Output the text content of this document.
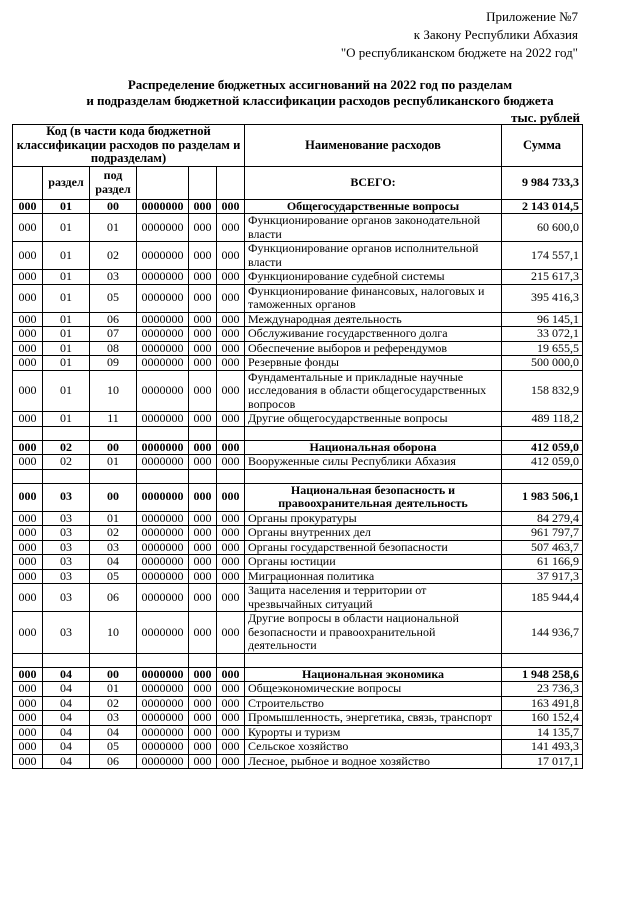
Приложение №7
к Закону Республики Абхазия
"О республиканском бюджете на 2022 год"
Распределение бюджетных ассигнований на 2022 год по разделам
и подразделам бюджетной классификации расходов республиканского бюджета
тыс. рублей
Код (в части кода бюджетной классификации расходов по разделам и подразделам)						Наименование расходов	Сумма
	раздел	под раздел				ВСЕГО:	9 984 733,3
000	01	00	0000000	000	000	Общегосударственные вопросы	2 143 014,5
000	01	01	0000000	000	000	Функционирование органов законодательной власти	60 600,0
000	01	02	0000000	000	000	Функционирование органов исполнительной власти	174 557,1
000	01	03	0000000	000	000	Функционирование судебной системы	215 617,3
000	01	05	0000000	000	000	Функционирование финансовых, налоговых и таможенных органов	395 416,3
000	01	06	0000000	000	000	Международная деятельность	96 145,1
000	01	07	0000000	000	000	Обслуживание государственного долга	33 072,1
000	01	08	0000000	000	000	Обеспечение выборов и референдумов	19 655,5
000	01	09	0000000	000	000	Резервные фонды	500 000,0
000	01	10	0000000	000	000	Фундаментальные и прикладные научные исследования в области общегосударственных вопросов	158 832,9
000	01	11	0000000	000	000	Другие общегосударственные вопросы	489 118,2

000	02	00	0000000	000	000	Национальная оборона	412 059,0
000	02	01	0000000	000	000	Вооруженные силы Республики Абхазия	412 059,0

000	03	00	0000000	000	000	Национальная безопасность и правоохранительная деятельность	1 983 506,1
000	03	01	0000000	000	000	Органы прокуратуры	84 279,4
000	03	02	0000000	000	000	Органы внутренних дел	961 797,7
000	03	03	0000000	000	000	Органы государственной безопасности	507 463,7
000	03	04	0000000	000	000	Органы юстиции	61 166,9
000	03	05	0000000	000	000	Миграционная политика	37 917,3
000	03	06	0000000	000	000	Защита населения и территории от чрезвычайных ситуаций	185 944,4
000	03	10	0000000	000	000	Другие вопросы в области национальной безопасности и правоохранительной деятельности	144 936,7

000	04	00	0000000	000	000	Национальная экономика	1 948 258,6
000	04	01	0000000	000	000	Общеэкономические вопросы	23 736,3
000	04	02	0000000	000	000	Строительство	163 491,8
000	04	03	0000000	000	000	Промышленность, энергетика, связь, транспорт	160 152,4
000	04	04	0000000	000	000	Курорты и туризм	14 135,7
000	04	05	0000000	000	000	Сельское хозяйство	141 493,3
000	04	06	0000000	000	000	Лесное, рыбное и водное хозяйство	17 017,1
